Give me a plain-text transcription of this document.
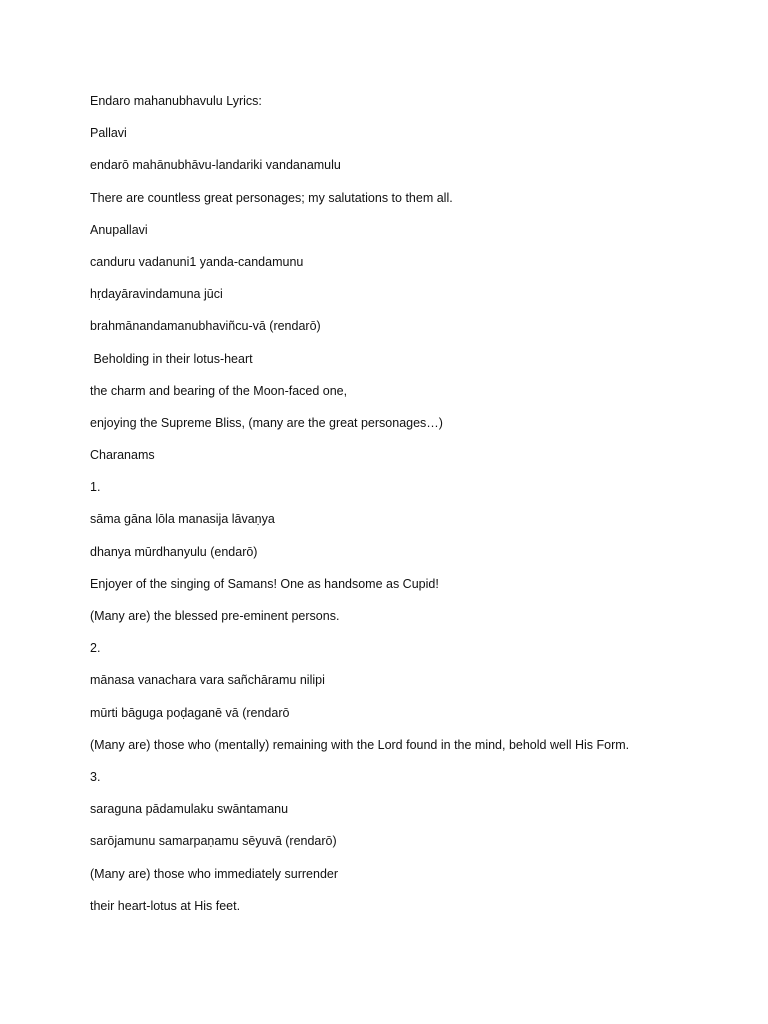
Endaro mahanubhavulu Lyrics:

Pallavi

endarō mahānubhāvu-landariki vandanamulu

There are countless great personages; my salutations to them all.

Anupallavi

canduru vadanuni1 yanda-candamunu

hṛdayāravindamuna jūci

brahmānandamanubhaviñcu-vā (rendarō)

Beholding in their lotus-heart

the charm and bearing of the Moon-faced one,

enjoying the Supreme Bliss, (many are the great personages…)

Charanams

1.

sāma gāna lōla manasija lāvaṇya

dhanya mūrdhanyulu (endarō)

Enjoyer of the singing of Samans! One as handsome as Cupid!

(Many are) the blessed pre-eminent persons.

2.

mānasa vanachara vara sañchāramu nilipi

mūrti bāguga poḍaganē vā (rendarō

(Many are) those who (mentally) remaining with the Lord found in the mind, behold well His Form.

3.

saraguna pādamulaku swāntamanu

sarōjamunu samarpaṇamu sēyuvā (rendarō)

(Many are) those who immediately surrender

their heart-lotus at His feet.
